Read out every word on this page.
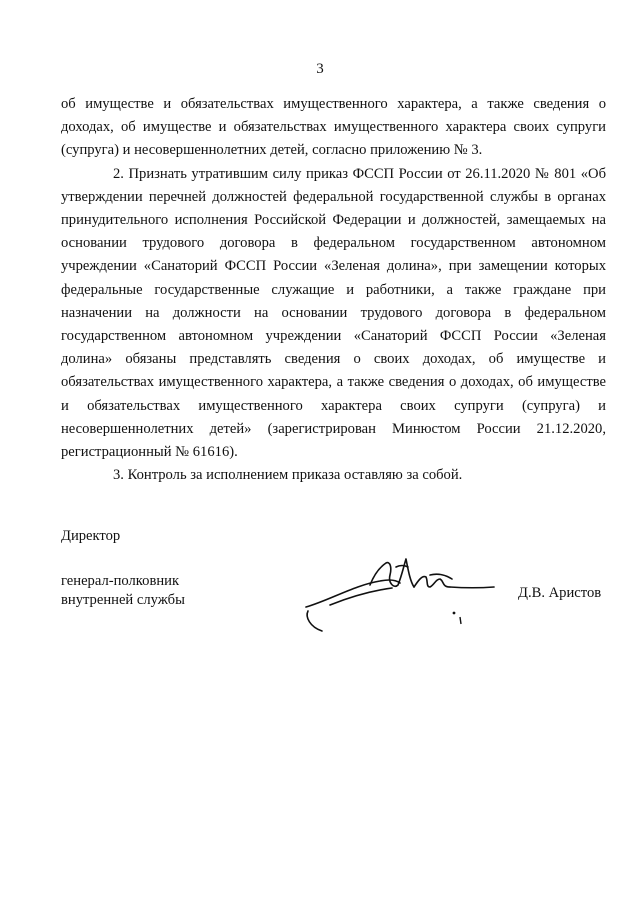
3

об имуществе и обязательствах имущественного характера, а также сведения о доходах, об имуществе и обязательствах имущественного характера своих супруги (супруга) и несовершеннолетних детей, согласно приложению № 3.

2. Признать утратившим силу приказ ФССП России от 26.11.2020 № 801 «Об утверждении перечней должностей федеральной государственной службы в органах принудительного исполнения Российской Федерации и должностей, замещаемых на основании трудового договора в федеральном государственном автономном учреждении «Санаторий ФССП России «Зеленая долина», при замещении которых федеральные государственные служащие и работники, а также граждане при назначении на должности на основании трудового договора в федеральном государственном автономном учреждении «Санаторий ФССП России «Зеленая долина» обязаны представлять сведения о своих доходах, об имуществе и обязательствах имущественного характера, а также сведения о доходах, об имуществе и обязательствах имущественного характера своих супруги (супруга) и несовершеннолетних детей» (зарегистрирован Минюстом России 21.12.2020, регистрационный № 61616).

3. Контроль за исполнением приказа оставляю за собой.

Директор
генерал-полковник
внутренней службы	Д.В. Аристов
